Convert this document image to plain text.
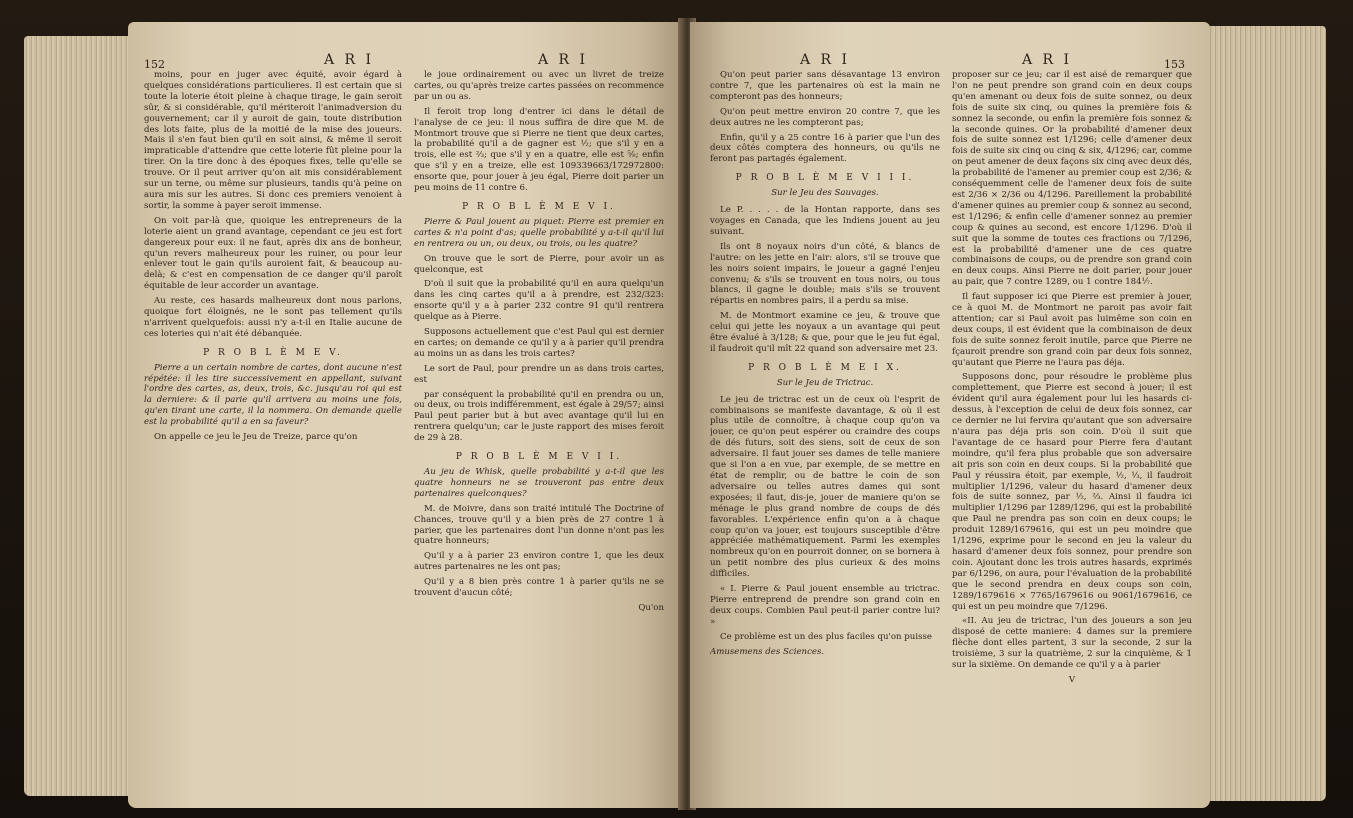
152	A R I	A R I

moins, pour en juger avec équité, avoir égard à quelques considérations particulieres. Il est certain que si toute la loterie étoit pleine à chaque tirage, le gain seroit sûr, & si considérable, qu'il mériteroit l'animadversion du gouvernement; car il y auroit de gain, toute distribution des lots faite, plus de la moitié de la mise des joueurs. Mais il s'en faut bien qu'il en soit ainsi, & même il seroit impraticable d'attendre que cette loterie fût pleine pour la tirer. On la tire donc à des époques fixes, telle qu'elle se trouve. Or il peut arriver qu'on ait mis considérablement sur un terne, ou même sur plusieurs, tandis qu'à peine on aura mis sur les autres. Si donc ces premiers venoient à sortir, la somme à payer seroit immense.

On voit par-là que, quoique les entrepreneurs de la loterie aient un grand avantage, cependant ce jeu est fort dangereux pour eux: il ne faut, après dix ans de bonheur, qu'un revers malheureux pour les ruiner, ou pour leur enlever tout le gain qu'ils auroient fait, & beaucoup au-delà; & c'est en compensation de ce danger qu'il paroît équitable de leur accorder un avantage.

Au reste, ces hasards malheureux dont nous parlons, quoique fort éloignés, ne le sont pas tellement qu'ils n'arrivent quelquefois: aussi n'y a-t-il en Italie aucune de ces loteries qui n'ait été débanquée.

P R O B L È M E V.

Pierre a un certain nombre de cartes, dont aucune n'est répétée: il les tire successivement en appellant, suivant l'ordre des cartes, as, deux, trois, &c. jusqu'au roi qui est la derniere: & il parie qu'il arrivera au moins une fois, qu'en tirant une carte, il la nommera. On demande quelle est la probabilité qu'il a en sa faveur?

On appelle ce jeu le Jeu de Treize, parce qu'on

le joue ordinairement ou avec un livret de treize cartes, ou qu'après treize cartes passées on recommence par un ou as.

Il feroit trop long d'entrer ici dans le détail de l'analyse de ce jeu: il nous suffira de dire que M. de Montmort trouve que si Pierre ne tient que deux cartes, la probabilité qu'il a de gagner est ½; que s'il y en a trois, elle est ⅔; que s'il y en a quatre, elle est ⅝; enfin que s'il y en a treize, elle est 109339663/172972800: ensorte que, pour jouer à jeu égal, Pierre doit parier un peu moins de 11 contre 6.

P R O B L È M E V I.

Pierre & Paul jouent au piquet: Pierre est premier en cartes & n'a point d'as; quelle probabilité y a-t-il qu'il lui en rentrera ou un, ou deux, ou trois, ou les quatre?

On trouve que le sort de Pierre, pour avoir un as quelconque, est

D'où il suit que la probabilité qu'il en aura quelqu'un dans les cinq cartes qu'il a à prendre, est 232/323: ensorte qu'il y a à parier 232 contre 91 qu'il rentrera quelque as à Pierre.

Supposons actuellement que c'est Paul qui est dernier en cartes; on demande ce qu'il y a à parier qu'il prendra au moins un as dans les trois cartes?

Le sort de Paul, pour prendre un as dans trois cartes, est

par conséquent la probabilité qu'il en prendra ou un, ou deux, ou trois indifféremment, est égale à 29/57; ainsi Paul peut parier but à but avec avantage qu'il lui en rentrera quelqu'un; car le juste rapport des mises feroit de 29 à 28.

P R O B L È M E V I I.

Au jeu de Whisk, quelle probabilité y a-t-il que les quatre honneurs ne se trouveront pas entre deux partenaires quelconques?

M. de Moivre, dans son traité intitulé The Doctrine of Chances, trouve qu'il y a bien près de 27 contre 1 à parier, que les partenaires dont l'un donne n'ont pas les quatre honneurs;

Qu'il y a à parier 23 environ contre 1, que les deux autres partenaires ne les ont pas;

Qu'il y a 8 bien près contre 1 à parier qu'ils ne se trouvent d'aucun côté;

Qu'on

A R I	A R I	153

Qu'on peut parier sans désavantage 13 environ contre 7, que les partenaires où est la main ne compteront pas des honneurs;

Qu'on peut mettre environ 20 contre 7, que les deux autres ne les compteront pas;

Enfin, qu'il y a 25 contre 16 à parier que l'un des deux côtés comptera des honneurs, ou qu'ils ne feront pas partagés également.

P R O B L È M E V I I I.

Sur le Jeu des Sauvages.

Le P. . . . . de la Hontan rapporte, dans ses voyages en Canada, que les Indiens jouent au jeu suivant.

Ils ont 8 noyaux noirs d'un côté, & blancs de l'autre: on les jette en l'air: alors, s'il se trouve que les noirs soient impairs, le joueur a gagné l'enjeu convenu; & s'ils se trouvent en tous noirs, ou tous blancs, il gagne le double; mais s'ils se trouvent répartis en nombres pairs, il a perdu sa mise.

M. de Montmort examine ce jeu, & trouve que celui qui jette les noyaux a un avantage qui peut être évalué à 3/128; & que, pour que le jeu fut égal, il faudroit qu'il mît 22 quand son adversaire met 23.

P R O B L È M E I X.

Sur le Jeu de Trictrac.

Le jeu de trictrac est un de ceux où l'esprit de combinaisons se manifeste davantage, & où il est plus utile de connoître, à chaque coup qu'on va jouer, ce qu'on peut espérer ou craindre des coups de dés futurs, soit des siens, soit de ceux de son adversaire. Il faut jouer ses dames de telle maniere que si l'on a en vue, par exemple, de se mettre en état de remplir, ou de battre le coin de son adversaire ou telles autres dames qui sont exposées; il faut, dis-je, jouer de maniere qu'on se ménage le plus grand nombre de coups de dés favorables. L'expérience enfin qu'on a à chaque coup qu'on va jouer, est toujours susceptible d'être appréciée mathématiquement. Parmi les exemples nombreux qu'on en pourroit donner, on se bornera à un petit nombre des plus curieux & des moins difficiles.

« I. Pierre & Paul jouent ensemble au trictrac. Pierre entreprend de prendre son grand coin en deux coups. Combien Paul peut-il parier contre lui? »

Ce problème est un des plus faciles qu'on puisse

Amusemens des Sciences.

proposer sur ce jeu; car il est aisé de remarquer que l'on ne peut prendre son grand coin en deux coups qu'en amenant ou deux fois de suite sonnez, ou deux fois de suite six cinq, ou quines la première fois & sonnez la seconde, ou enfin la première fois sonnez & la seconde quines. Or la probabilité d'amener deux fois de suite sonnez est 1/1296; celle d'amener deux fois de suite six cinq ou cinq & six, 4/1296; car, comme on peut amener de deux façons six cinq avec deux dés, la probabilité de l'amener au premier coup est 2/36; & conséquemment celle de l'amener deux fois de suite est 2/36 × 2/36 ou 4/1296. Pareillement la probabilité d'amener quines au premier coup & sonnez au second, est 1/1296; & enfin celle d'amener sonnez au premier coup & quines au second, est encore 1/1296. D'où il suit que la somme de toutes ces fractions ou 7/1296, est la probabilité d'amener une de ces quatre combinaisons de coups, ou de prendre son grand coin en deux coups. Ainsi Pierre ne doit parier, pour jouer au pair, que 7 contre 1289, ou 1 contre 184⅐.

Il faut supposer ici que Pierre est premier à jouer, ce à quoi M. de Montmort ne paroit pas avoir fait attention; car si Paul avoit pas luimême son coin en deux coups, il est évident que la combinaison de deux fois de suite sonnez feroit inutile, parce que Pierre ne fçauroit prendre son grand coin par deux fois sonnez, qu'autant que Pierre ne l'aura pas déja.

Supposons donc, pour résoudre le problème plus complettement, que Pierre est second à jouer; il est évident qu'il aura également pour lui les hasards ci-dessus, à l'exception de celui de deux fois sonnez, car ce dernier ne lui fervira qu'autant que son adversaire n'aura pas déja pris son coin. D'où il suit que l'avantage de ce hasard pour Pierre fera d'autant moindre, qu'il fera plus probable que son adversaire ait pris son coin en deux coups. Si la probabilité que Paul y réussira étoit, par exemple, ½, ⅓, il faudroit multiplier 1/1296, valeur du hasard d'amener deux fois de suite sonnez, par ½, ⅔. Ainsi il faudra ici multiplier 1/1296 par 1289/1296, qui est la probabilité que Paul ne prendra pas son coin en deux coups; le produit 1289/1679616, qui est un peu moindre que 1/1296, exprime pour le second en jeu la valeur du hasard d'amener deux fois sonnez, pour prendre son coin. Ajoutant donc les trois autres hasards, exprimés par 6/1296, on aura, pour l'évaluation de la probabilité que le second prendra en deux coups son coin, 1289/1679616 × 7765/1679616 ou 9061/1679616, ce qui est un peu moindre que 7/1296.

«II. Au jeu de trictrac, l'un des joueurs a son jeu disposé de cette maniere: 4 dames sur la premiere flèche dont elles partent, 3 sur la seconde, 2 sur la troisième, 3 sur la quatrième, 2 sur la cinquième, & 1 sur la sixième. On demande ce qu'il y a à parier

V
